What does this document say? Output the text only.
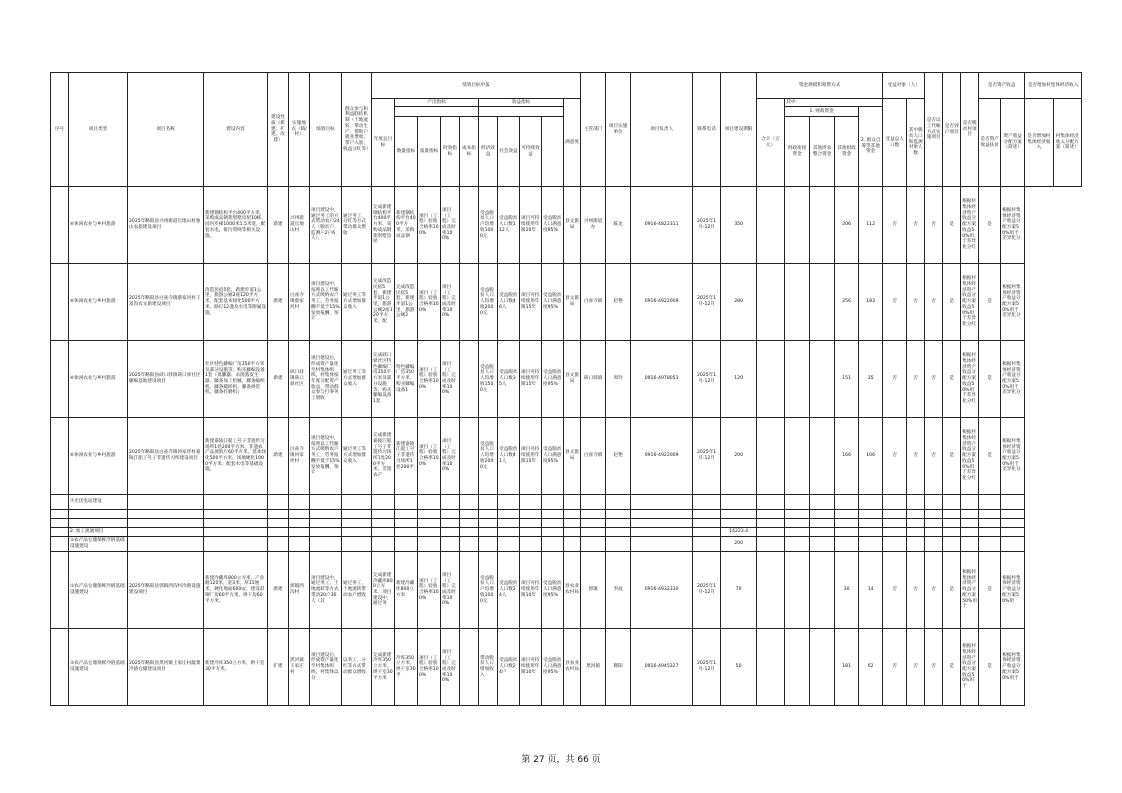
序号	项目类型	项目名称	建设内容	建设性质（新建、扩建、改建）	实施地点（镇/村）	绩效目标	群众参与和利益联结机制（土地流转、带动生产、帮助户就业增收、带户入股、收益分红等）	绩效目标申报										主管部门	项目实施单位	项目负责人	联系电话	项目建设期限	资金规模和筹资方式					受益对象（人）		是否以工代赈方式实施项目	是否到户项目	是否脱贫村项目	是否资产收益		是否增加村集体经济收入	
								年度总目标	产出指标				效益指标				满意度						合计（万元）	其中：				受益总人口数	其中脱贫人口和监测对象人数				是否资产收益扶贫	资产收益分配方案（简述）	是否增加村集体经济收入	村集体经济收入分配方案（简述）
																								1. 财政资金			2. 群众自筹等其他资金									
									数量指标	质量指标	时效指标	成本指标	经济效益	社会效益	可持续效益									财政衔接资金	其他涉农整合资金	其他财政资金										
	⑥休闲农业与乡村旅游	2025年略阳县兴州街道官地山村象山农旅建设项目	新建钢结构平台400平方米，采购成品钢架别墅房屋10栋，园内步梯1000米1.5米宽，配套水电、排污管网等相关设施。	新建	兴州街道官地山村	项目建设中，通过务工的方式带动农户24人（脱贫户、监测户2户6人），	通过务工，分红等方式带动群众增收	完成新建钢结构平台400平方米，采购成品钢架别墅房屋	新建钢结构平台400平方米，采购成品钢	项目（工程）验收合格率100%	项目（工程）完成及时率100%		受益脱贫人口户均增收1000元	受益脱贫人口数112人	项目可持续使用年限20年	受益脱贫人口满意度95%	县文旅局	兴州街道办	陈龙	0916-4822311	2025年1月-12月	350				206	112	否	否	否	是	根据村集体经济资产收益分配方案收益50%用于差异化分红	是	根据村集体经济资产收益分配方案50%用于差异化分		
	⑥休闲农业与乡村旅游	2025年略阳县白雀寺镇蔡家河村王富沟农文旅建设项目	改造民宿5套，新建步道1公里，旅游公厕2座120平方米，配套基本绿化500平方米，路灯12盏及水电等附属设施。	新建	白雀寺镇蔡家河村	项目建设中，按照以工代赈方式吸纳农户务工，劳务报酬不低于15%发放报酬，预计	通过务工等方式增加群众收入	完成改造民宿5套，新建步道1公里，旅游公厕2座120平方米，配	完成改造民宿5套，新建步道1公里，旅游公厕2	项目（工程）验收合格率100%	项目（工程）完成及时率100%		受益脱贫人口人均增收2000元	受益脱贫人口数46人	项目可持续使用年限15年	受益脱贫人口满意度95%	县文旅局	白雀寺镇	赵艳	0916-4922009	2025年1月-12月	280				256	183	否	否	否	是	根据村集体经济资产收益分配方案收益50%用于差异化分红	是	根据村集体经济资产收益分配方案50%用于差异化分		
	⑥休闲农业与乡村旅游	2025年略阳县硖口驿镇硖口驿社区藤编基地建设项目	社区特色藤编厂房350平方米及部分设施等；购买藤编设备1套（蒸藤器、杀菌蒸发生器，藤条加工机械、藤条编织机、藤条破碎机、藤条拼装机、藤条打磨机）	新建	硖口驿镇硖口驿社区	项目建设后，形成资产量化至村集体组织，村集体按年度分配资产收益，带动群众参与打零务工增收	通过务工等方式增加群众收入	完成硖口驿社区特色藤编厂房350平方米及部分设施等；购买藤编设备1套	特色藤编厂房350平方米，购买藤编设备1	项目（工程）验收合格率100%	项目（工程）完成及时率100%		受益脱贫人口人均增收1500元	受益脱贫人口数35人	项目可持续使用年限15年	受益脱贫人口满意度95%	县文旅局	硖口驿镇	周玲	0916-4978053	2025年1月-12月	120				151	35	否	否	否	是	根据村集体经济资产收益分配方案收益50%用于差异化分红	是	根据村集体经济资产收益分配方案50%用于差异化分		
	⑥休闲农业与乡村旅游	2025年略阳县白雀寺镇何家坪村嘉陵江船工号子非遗传习所建设项目	新建嘉陵江船工号子非遗传习场所1处200平方米，非遗农产品展销厅60平方米，基本绿化500平方米，场地硬化1000平方米，配套水电等基础设施。	新建	白雀寺镇何家坪村	项目建设中，按照以工代赈方式吸纳农户务工，劳务报酬不低于15%发放报酬，预计	通过务工等方式增加群众收入	完成新建嘉陵江船工号子非遗传习场所1处200平方米，非遗农产	新建嘉陵江船工号子非遗传习场所1处200平	项目（工程）验收合格率100%	项目（工程）完成及时率100%		受益脱贫人口人均增收2000元	受益脱贫人口数41人	项目可持续使用年限15年	受益脱贫人口满意度95%	县文旅局	白雀寺镇	赵艳	0916-4922009	2025年1月-12月	200				166	106	否	否	否	是	根据村集体经济资产收益分配方案收益50%用于差异化分红	是	根据村集体经济资产收益分配方案50%用于差异化分		
	⑦光伏电站建设																																			

	2. 加工流通项目																					14223.4														
	①农产品仓储保鲜冷链基础设施建设																					200														
	①农产品仓储保鲜冷链基础设施建设	2025年略阳县郭镇西沟村冷链设施建设项目	新建冷藏库800立方米，产业路120米，宽3米，厚15厘米，硬化地面600㎡，建设彩钢厂房60平方米，烘干房60平方米。	新建	郭镇西沟村	项目建设中，通过务工、土地流转等方式带动20户30人（其	通过务工、土地流转带动农户增收	完成新建冷藏库800立方米，项目建设中，通过务	新建冷藏库800立方米	项目（工程）验收合格率100%	项目（工程）完成及时率100%		受益脱贫人口户均增收1000元	受益脱贫人口数24人	项目可持续使用年限10年	受益脱贫人口满意度95%	县农业农村局	郭镇	李波	0916-4932330	2025年1月-12月	70				30	14	否	否	否	是	根据村集体经济资产收益分配方案50%用于	是	根据村集体经济资产收益分配方案50%用		
	①农产品仓储保鲜冷链基础设施建设	2025年略阳县黑河镇王家庄村蔬菜冷链仓储建设项目	新建冷库350立方米，烘干室30平方米。	扩建	黑河镇王家庄村	项目建设后，形成资产量化至村集体组织，村集体以分	以务工、分红等方式带动群众增收	完成新建冷库350立方米，烘干室30平方米	冷库350立方米，烘干室30平	项目（工程）验收合格率100%	项目（工程）完成及时率100%		带动脱贫人口增加收入	受益脱贫人口数24户	项目可持续使用年限10年	受益脱贫人口满意度95%	县农业农村局	黑河镇	滕阳	0916-4945327	2025年1月-12月	50				181	62	否	否	否	是	根据村集体经济资产收益分配方案收益50%用于	是	根据村集体经济资产收益分配方案50%用于		
第 27 页，共 66 页
